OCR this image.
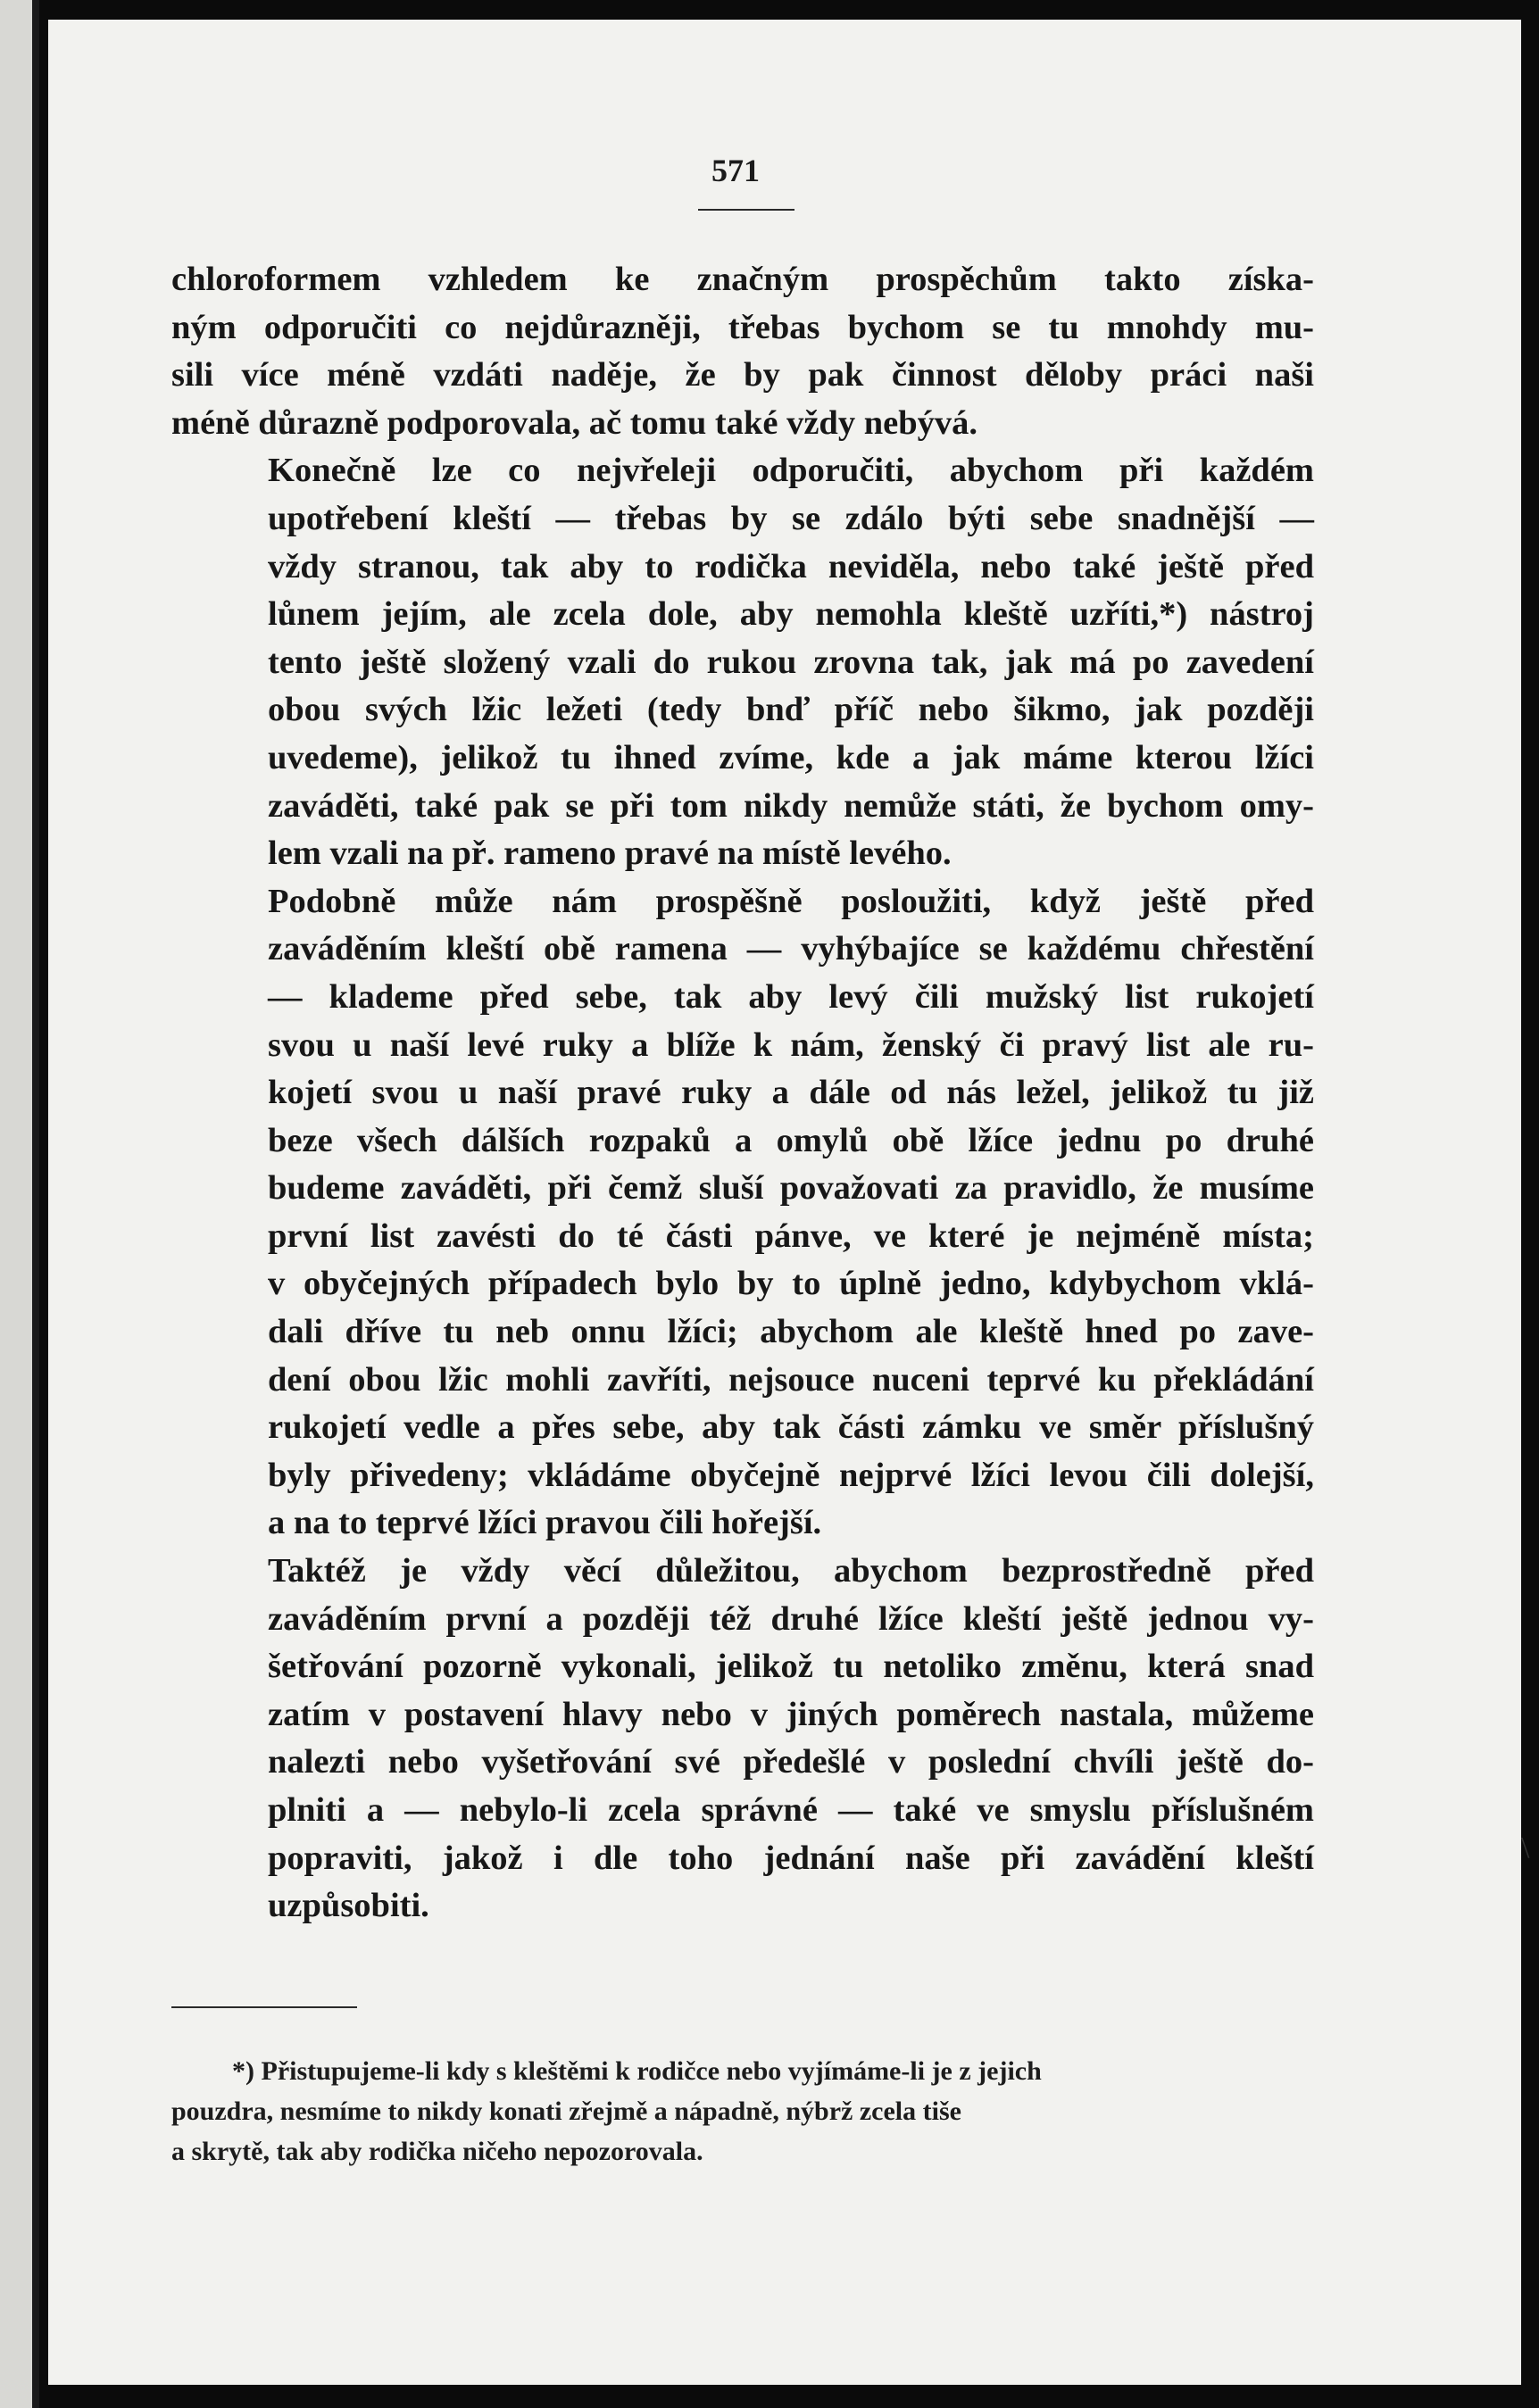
571

chloroformem vzhledem ke značným prospěchům takto získa-
ným odporučiti co nejdůrazněji, třebas bychom se tu mnohdy mu-
sili více méně vzdáti naděje, že by pak činnost děloby práci naši
méně důrazně podporovala, ač tomu také vždy nebývá.

Konečně lze co nejvřeleji odporučiti, abychom při každém
upotřebení kleští — třebas by se zdálo býti sebe snadnější —
vždy stranou, tak aby to rodička neviděla, nebo také ještě před
lůnem jejím, ale zcela dole, aby nemohla kleště uzříti,*) nástroj
tento ještě složený vzali do rukou zrovna tak, jak má po zavedení
obou svých lžic ležeti (tedy bnď příč nebo šikmo, jak později
uvedeme), jelikož tu ihned zvíme, kde a jak máme kterou lžíci
zaváděti, také pak se při tom nikdy nemůže státi, že bychom omy-
lem vzali na př. rameno pravé na místě levého.

Podobně může nám prospěšně posloužiti, když ještě před
zaváděním kleští obě ramena — vyhýbajíce se každému chřestění
— klademe před sebe, tak aby levý čili mužský list rukojetí
svou u naší levé ruky a blíže k nám, ženský či pravý list ale ru-
kojetí svou u naší pravé ruky a dále od nás ležel, jelikož tu již
beze všech dálších rozpaků a omylů obě lžíce jednu po druhé
budeme zaváděti, při čemž sluší považovati za pravidlo, že musíme
první list zavésti do té části pánve, ve které je nejméně místa;
v obyčejných případech bylo by to úplně jedno, kdybychom vklá-
dali dříve tu neb onnu lžíci; abychom ale kleště hned po zave-
dení obou lžic mohli zavříti, nejsouce nuceni teprvé ku překládání
rukojetí vedle a přes sebe, aby tak části zámku ve směr příslušný
byly přivedeny; vkládáme obyčejně nejprvé lžíci levou čili dolejší,
a na to teprvé lžíci pravou čili hořejší.

Taktéž je vždy věcí důležitou, abychom bezprostředně před
zaváděním první a později též druhé lžíce kleští ještě jednou vy-
šetřování pozorně vykonali, jelikož tu netoliko změnu, která snad
zatím v postavení hlavy nebo v jiných poměrech nastala, můžeme
nalezti nebo vyšetřování své předešlé v poslední chvíli ještě do-
plniti a — nebylo-li zcela správné — také ve smyslu příslušném
popraviti, jakož i dle toho jednání naše při zavádění kleští
uzpůsobiti.

*) Přistupujeme-li kdy s kleštěmi k rodičce nebo vyjímáme-li je z jejich
pouzdra, nesmíme to nikdy konati zřejmě a nápadně, nýbrž zcela tiše
a skrytě, tak aby rodička ničeho nepozorovala.
\
